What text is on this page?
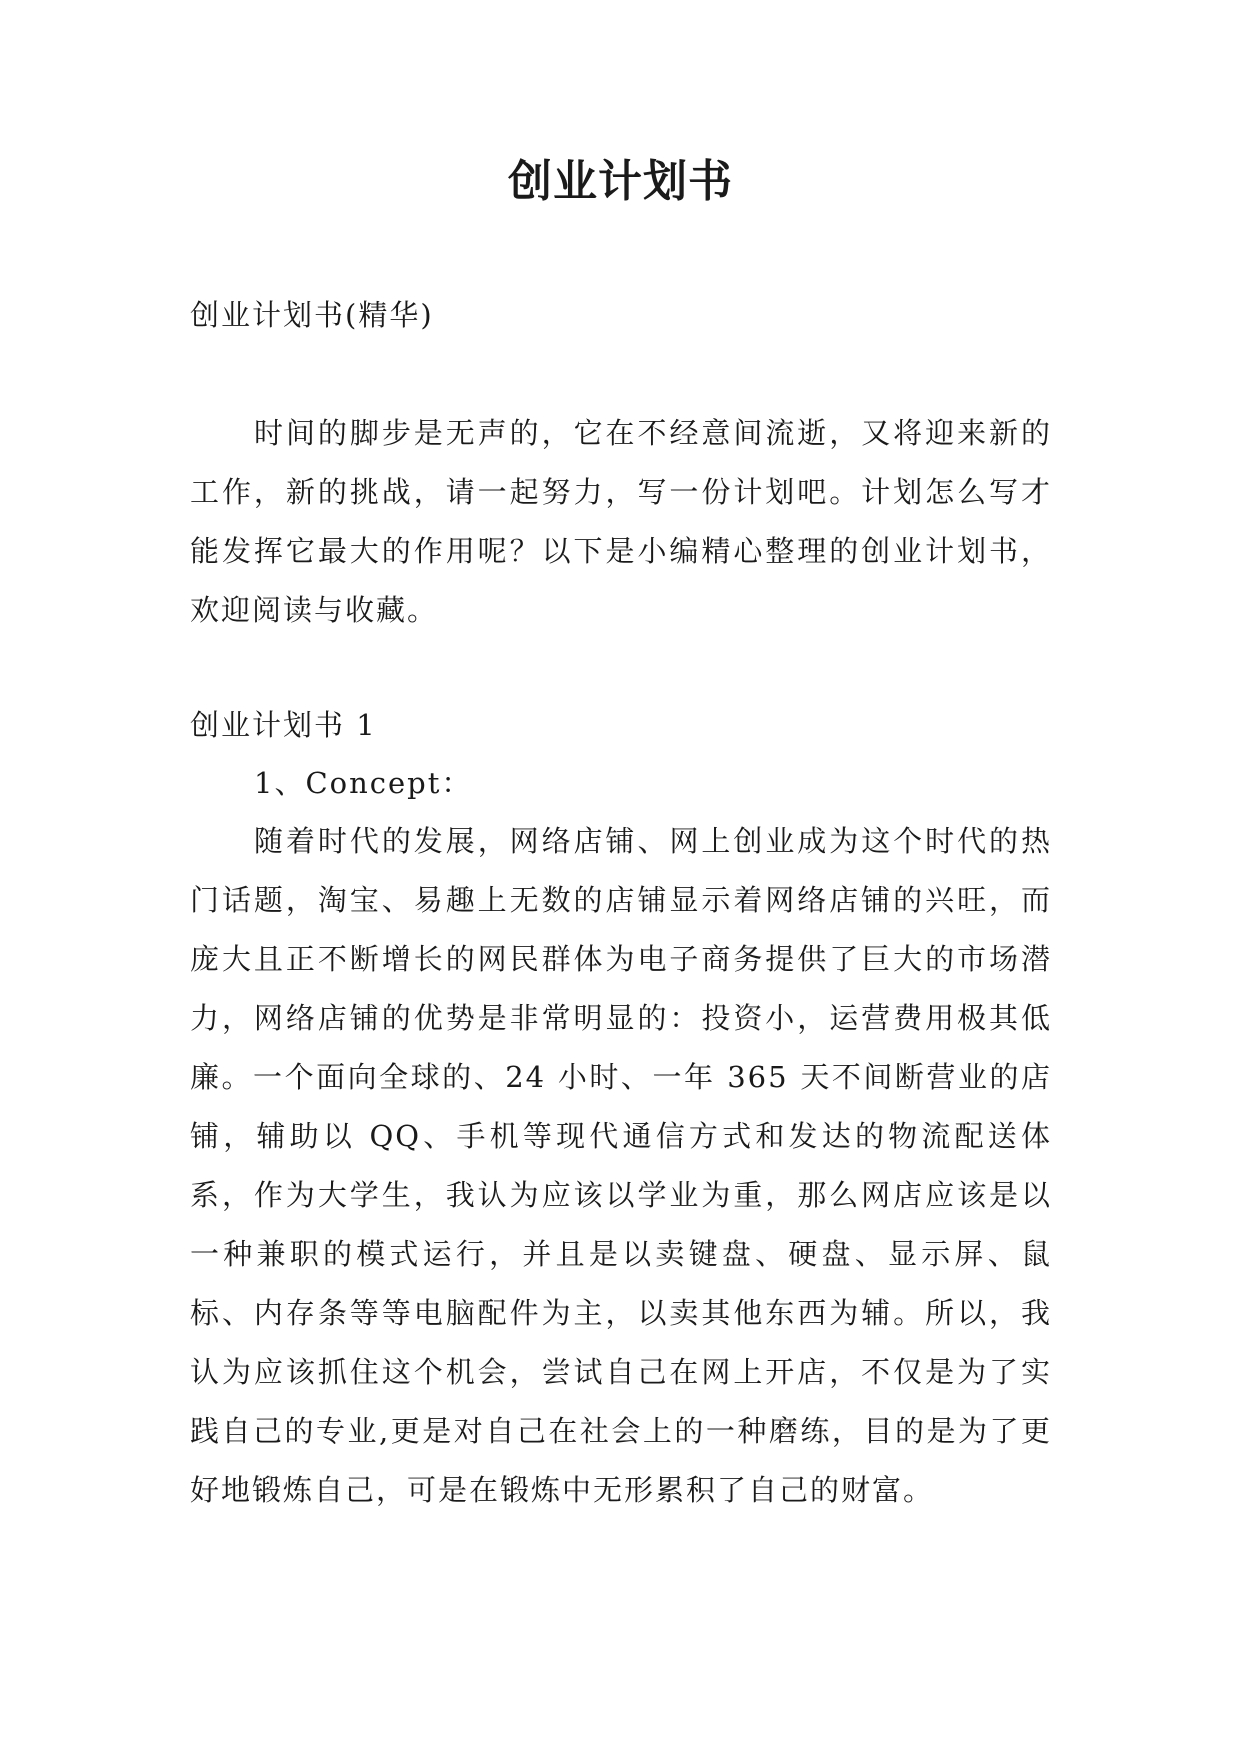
创业计划书

创业计划书(精华)

时间的脚步是无声的，它在不经意间流逝，又将迎来新的工作，新的挑战，请一起努力，写一份计划吧。计划怎么写才能发挥它最大的作用呢？以下是小编精心整理的创业计划书，欢迎阅读与收藏。

创业计划书 1

1、Concept：

随着时代的发展，网络店铺、网上创业成为这个时代的热门话题，淘宝、易趣上无数的店铺显示着网络店铺的兴旺，而庞大且正不断增长的网民群体为电子商务提供了巨大的市场潜力，网络店铺的优势是非常明显的：投资小，运营费用极其低廉。一个面向全球的、24 小时、一年 365 天不间断营业的店铺，辅助以 QQ、手机等现代通信方式和发达的物流配送体系，作为大学生，我认为应该以学业为重，那么网店应该是以一种兼职的模式运行，并且是以卖键盘、硬盘、显示屏、鼠标、内存条等等电脑配件为主，以卖其他东西为辅。所以，我认为应该抓住这个机会，尝试自己在网上开店，不仅是为了实践自己的专业,更是对自己在社会上的一种磨练，目的是为了更好地锻炼自己，可是在锻炼中无形累积了自己的财富。
